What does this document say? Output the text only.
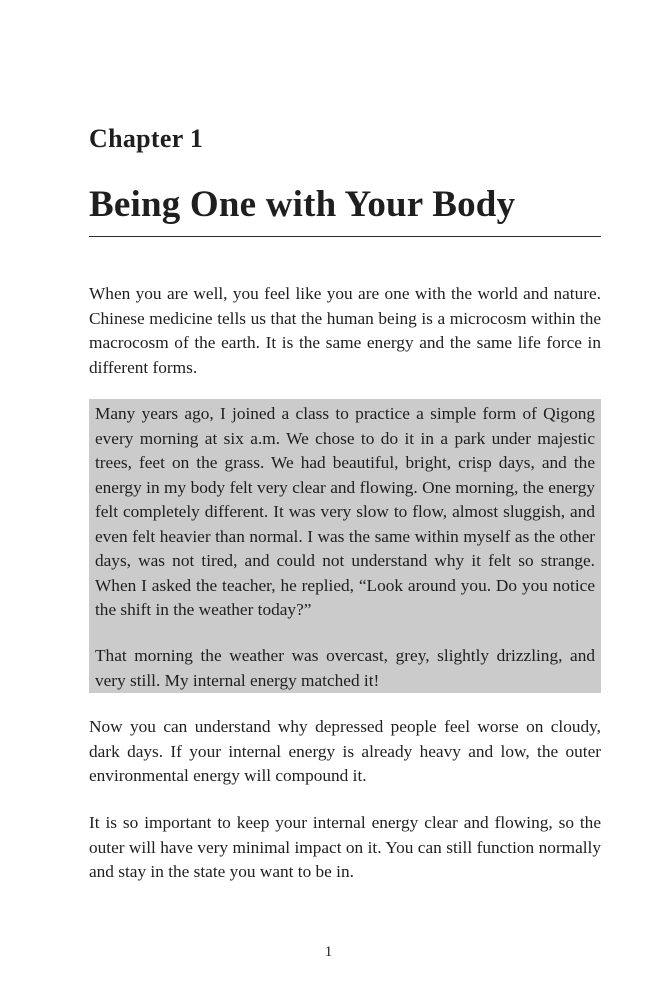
Chapter 1
Being One with Your Body

When you are well, you feel like you are one with the world and nature. Chinese medicine tells us that the human being is a microcosm within the macrocosm of the earth. It is the same energy and the same life force in different forms.

Many years ago, I joined a class to practice a simple form of Qigong every morning at six a.m. We chose to do it in a park under majestic trees, feet on the grass. We had beautiful, bright, crisp days, and the energy in my body felt very clear and flowing. One morning, the energy felt completely different. It was very slow to flow, almost sluggish, and even felt heavier than normal. I was the same within myself as the other days, was not tired, and could not understand why it felt so strange. When I asked the teacher, he replied, “Look around you. Do you notice the shift in the weather today?”

That morning the weather was overcast, grey, slightly drizzling, and very still. My internal energy matched it!

Now you can understand why depressed people feel worse on cloudy, dark days. If your internal energy is already heavy and low, the outer environmental energy will compound it.

It is so important to keep your internal energy clear and flowing, so the outer will have very minimal impact on it. You can still function normally and stay in the state you want to be in.

1
